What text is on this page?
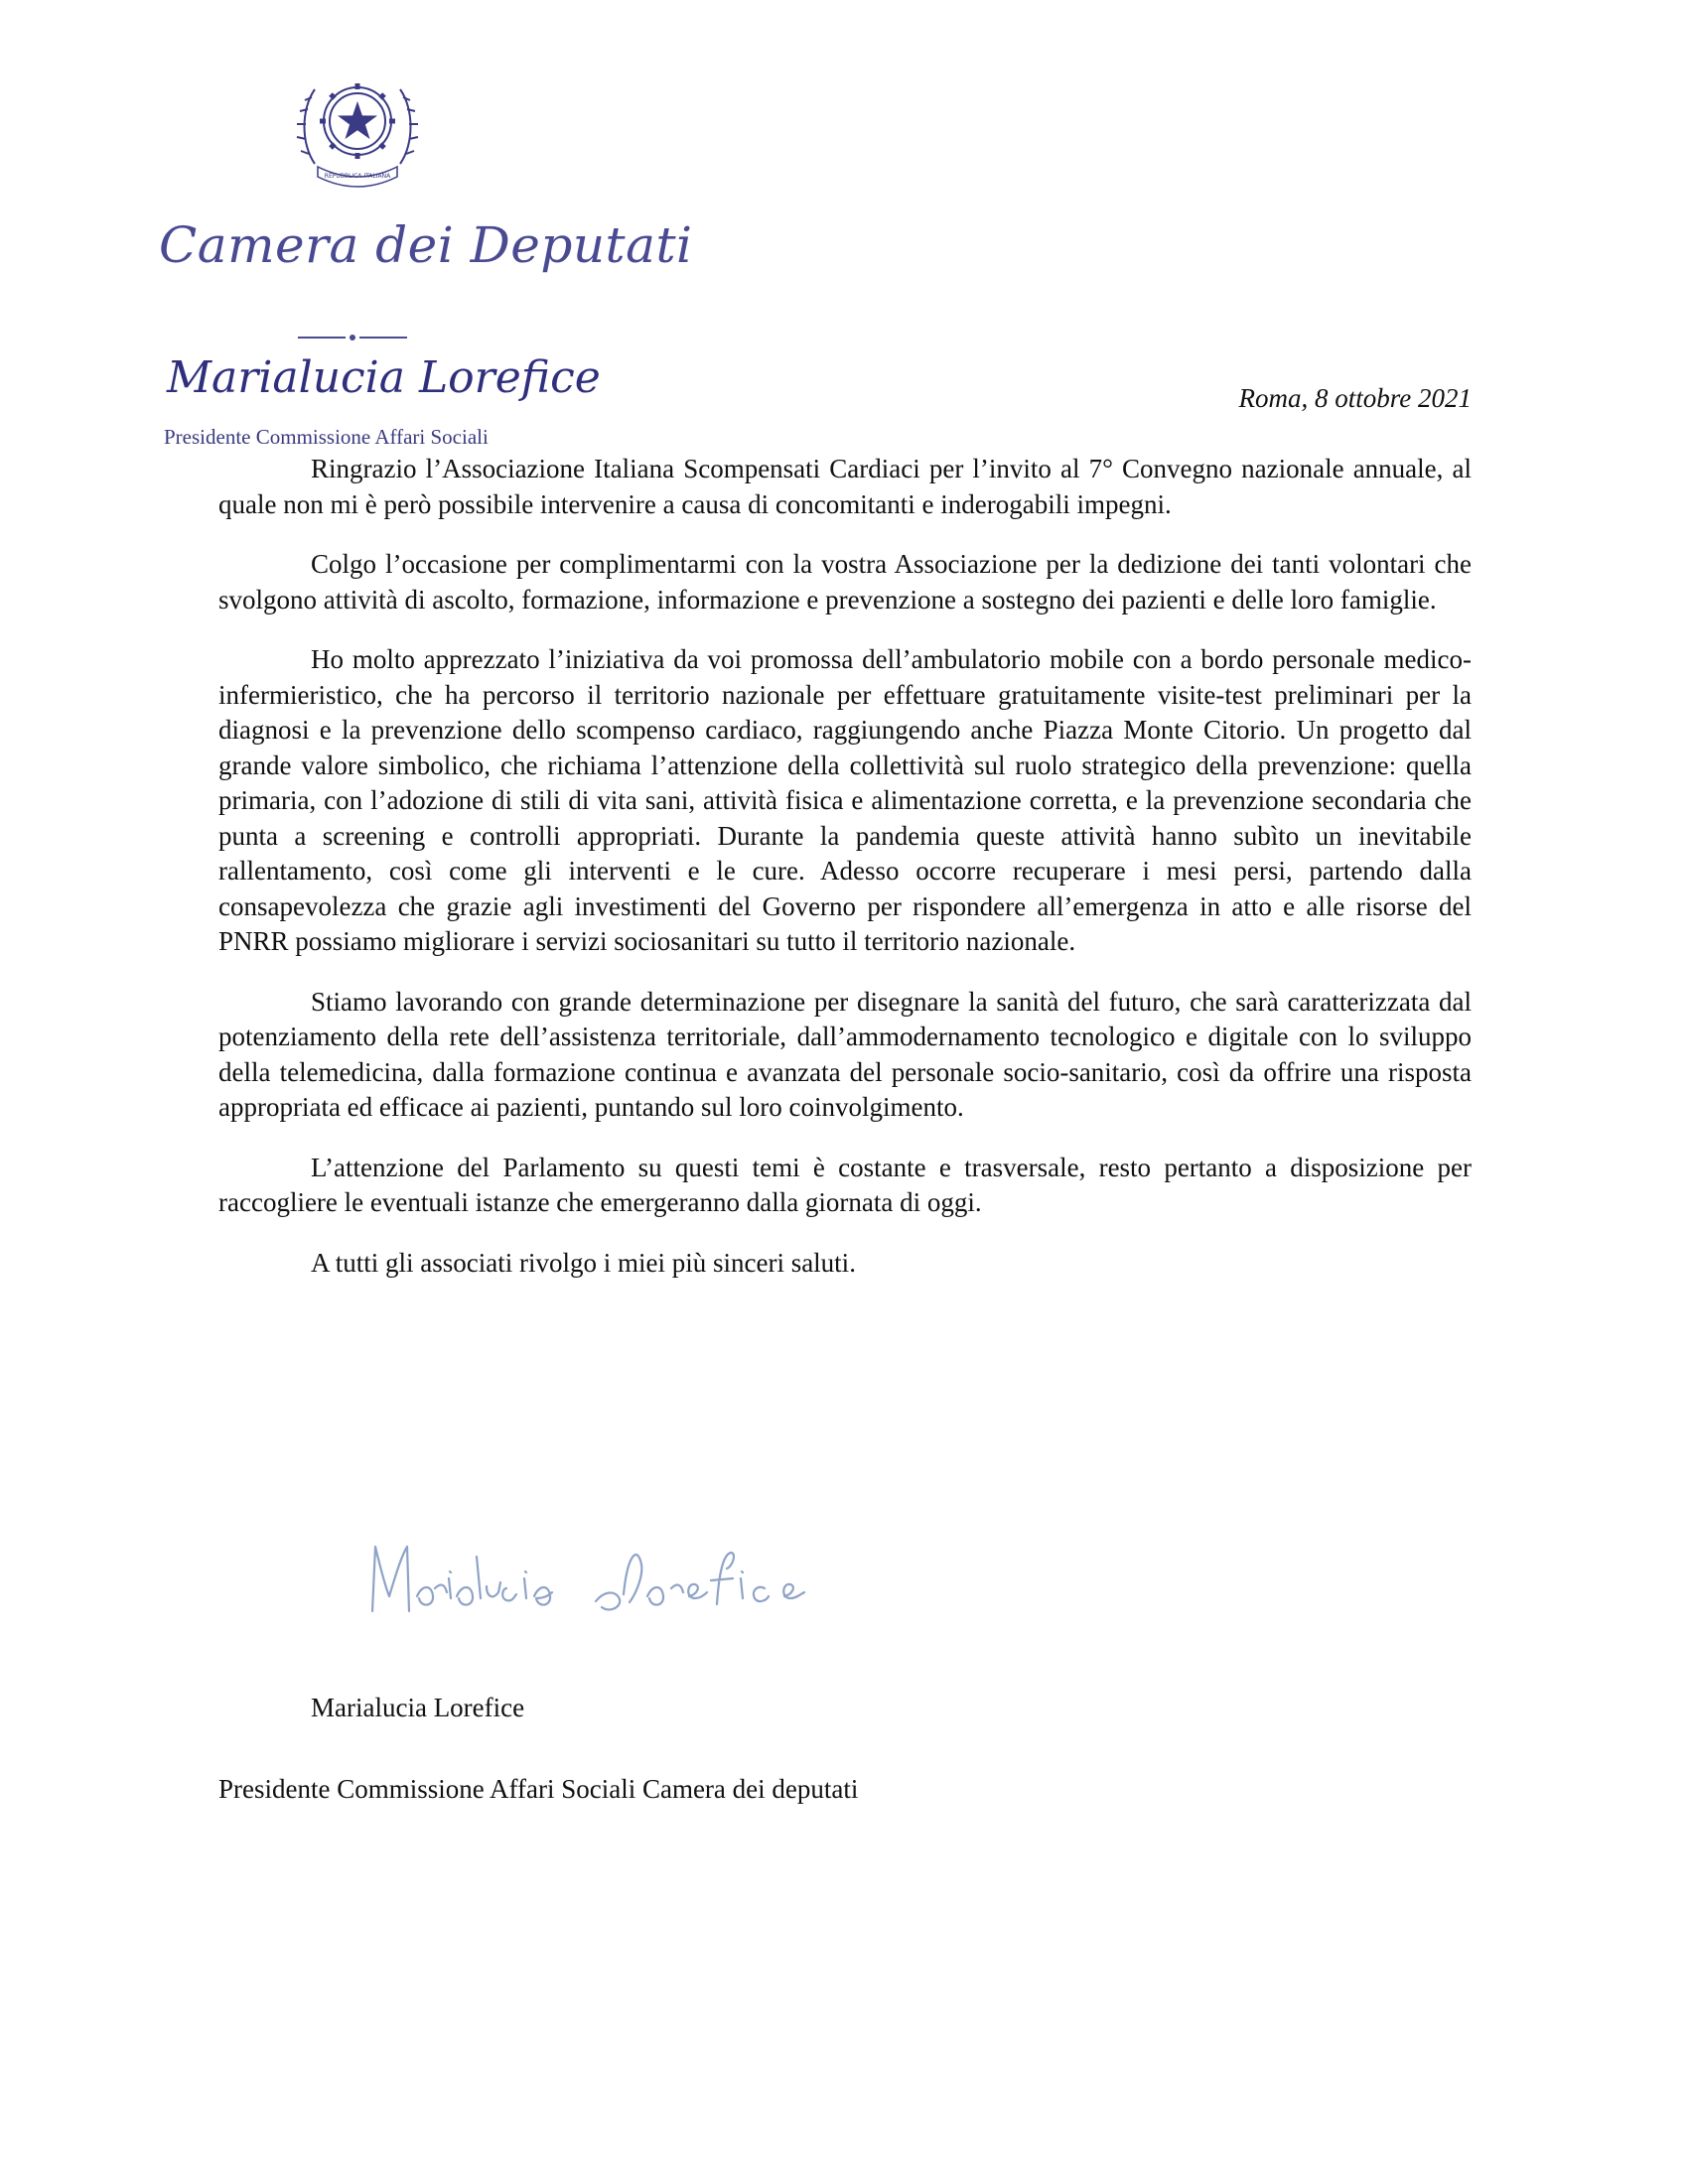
REPUBBLICA ITALIANA
Camera dei Deputati
Marialucia Lorefice
Presidente Commissione Affari Sociali
Roma, 8 ottobre 2021

Ringrazio l’Associazione Italiana Scompensati Cardiaci per l’invito al 7° Convegno nazionale annuale, al quale non mi è però possibile intervenire a causa di concomitanti e inderogabili impegni.

Colgo l’occasione per complimentarmi con la vostra Associazione per la dedizione dei tanti volontari che svolgono attività di ascolto, formazione, informazione e prevenzione a sostegno dei pazienti e delle loro famiglie.

Ho molto apprezzato l’iniziativa da voi promossa dell’ambulatorio mobile con a bordo personale medico-infermieristico, che ha percorso il territorio nazionale per effettuare gratuitamente visite-test preliminari per la diagnosi e la prevenzione dello scompenso cardiaco, raggiungendo anche Piazza Monte Citorio. Un progetto dal grande valore simbolico, che richiama l’attenzione della collettività sul ruolo strategico della prevenzione: quella primaria, con l’adozione di stili di vita sani, attività fisica e alimentazione corretta, e la prevenzione secondaria che punta a screening e controlli appropriati. Durante la pandemia queste attività hanno subìto un inevitabile rallentamento, così come gli interventi e le cure. Adesso occorre recuperare i mesi persi, partendo dalla consapevolezza che grazie agli investimenti del Governo per rispondere all’emergenza in atto e alle risorse del PNRR possiamo migliorare i servizi sociosanitari su tutto il territorio nazionale.

Stiamo lavorando con grande determinazione per disegnare la sanità del futuro, che sarà caratterizzata dal potenziamento della rete dell’assistenza territoriale, dall’ammodernamento tecnologico e digitale con lo sviluppo della telemedicina, dalla formazione continua e avanzata del personale socio-sanitario, così da offrire una risposta appropriata ed efficace ai pazienti, puntando sul loro coinvolgimento.

L’attenzione del Parlamento su questi temi è costante e trasversale, resto pertanto a disposizione per raccogliere le eventuali istanze che emergeranno dalla giornata di oggi.

A tutti gli associati rivolgo i miei più sinceri saluti.

Marialucia Lorefice
Presidente Commissione Affari Sociali Camera dei deputati
